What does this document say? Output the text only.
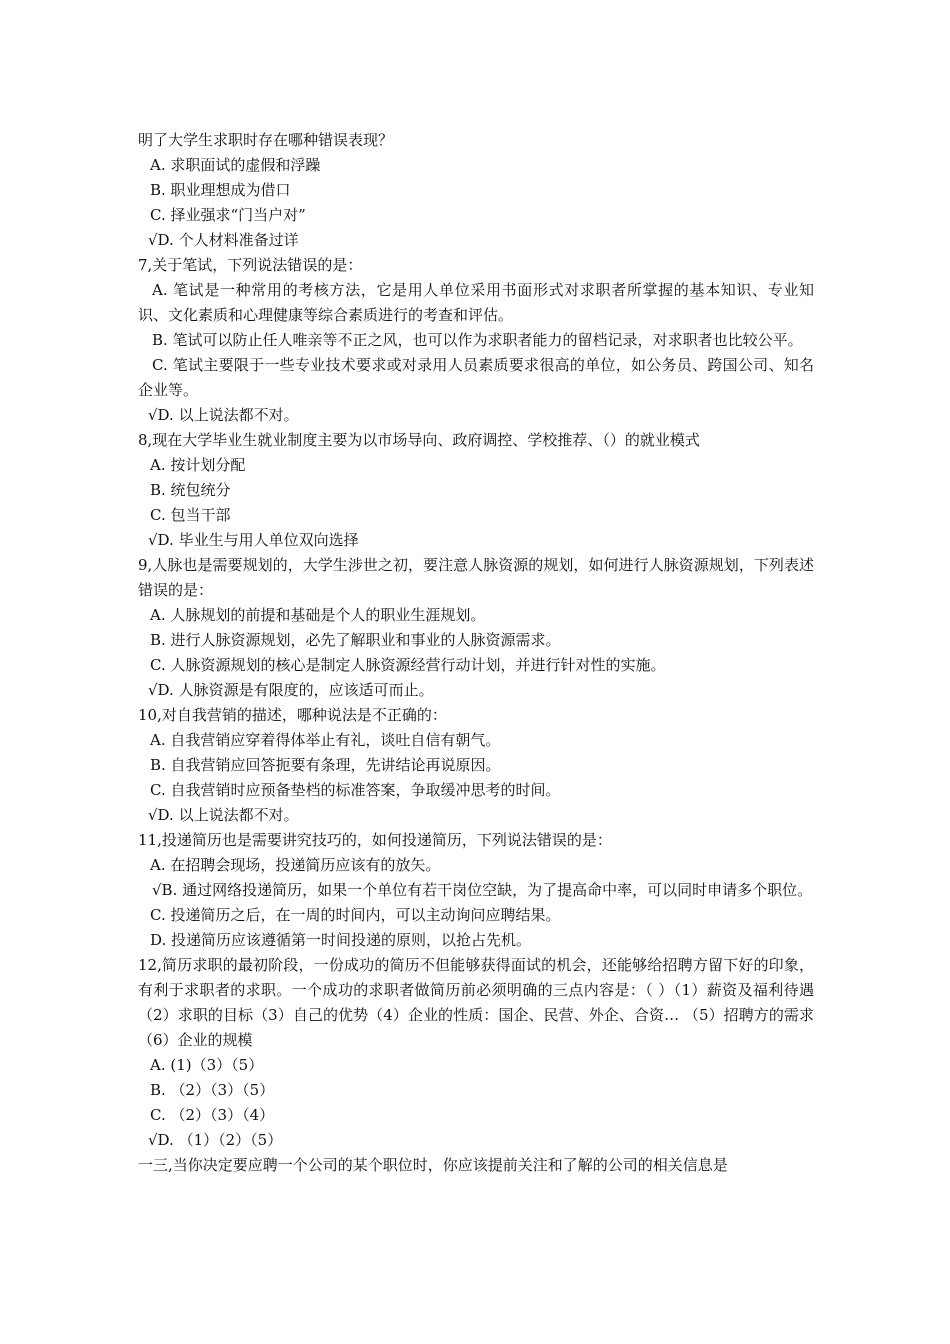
明了大学生求职时存在哪种错误表现？
A. 求职面试的虚假和浮躁
B. 职业理想成为借口
C. 择业强求“门当户对”
√D. 个人材料准备过详
7,关于笔试，下列说法错误的是：
A. 笔试是一种常用的考核方法，它是用人单位采用书面形式对求职者所掌握的基本知识、专业知识、文化素质和心理健康等综合素质进行的考查和评估。
B. 笔试可以防止任人唯亲等不正之风，也可以作为求职者能力的留档记录，对求职者也比较公平。
C. 笔试主要限于一些专业技术要求或对录用人员素质要求很高的单位，如公务员、跨国公司、知名企业等。
√D. 以上说法都不对。
8,现在大学毕业生就业制度主要为以市场导向、政府调控、学校推荐、（）的就业模式
A. 按计划分配
B. 统包统分
C. 包当干部
√D. 毕业生与用人单位双向选择
9,人脉也是需要规划的，大学生涉世之初，要注意人脉资源的规划，如何进行人脉资源规划，下列表述错误的是：
A. 人脉规划的前提和基础是个人的职业生涯规划。
B. 进行人脉资源规划，必先了解职业和事业的人脉资源需求。
C. 人脉资源规划的核心是制定人脉资源经营行动计划，并进行针对性的实施。
√D. 人脉资源是有限度的，应该适可而止。
10,对自我营销的描述，哪种说法是不正确的：
A. 自我营销应穿着得体举止有礼，谈吐自信有朝气。
B. 自我营销应回答扼要有条理，先讲结论再说原因。
C. 自我营销时应预备垫档的标准答案，争取缓冲思考的时间。
√D. 以上说法都不对。
11,投递简历也是需要讲究技巧的，如何投递简历，下列说法错误的是：
A. 在招聘会现场，投递简历应该有的放矢。
√B. 通过网络投递简历，如果一个单位有若干岗位空缺，为了提高命中率，可以同时申请多个职位。
C. 投递简历之后，在一周的时间内，可以主动询问应聘结果。
D. 投递简历应该遵循第一时间投递的原则，以抢占先机。
12,简历求职的最初阶段，一份成功的简历不但能够获得面试的机会，还能够给招聘方留下好的印象，有利于求职者的求职。一个成功的求职者做简历前必须明确的三点内容是：（ ）（1）薪资及福利待遇（2）求职的目标（3）自己的优势（4）企业的性质：国企、民营、外企、合资… （5）招聘方的需求（6）企业的规模
A. (1)（3）（5）
B. （2）（3）（5）
C. （2）（3）（4）
√D. （1）（2）（5）
一三,当你决定要应聘一个公司的某个职位时，你应该提前关注和了解的公司的相关信息是
